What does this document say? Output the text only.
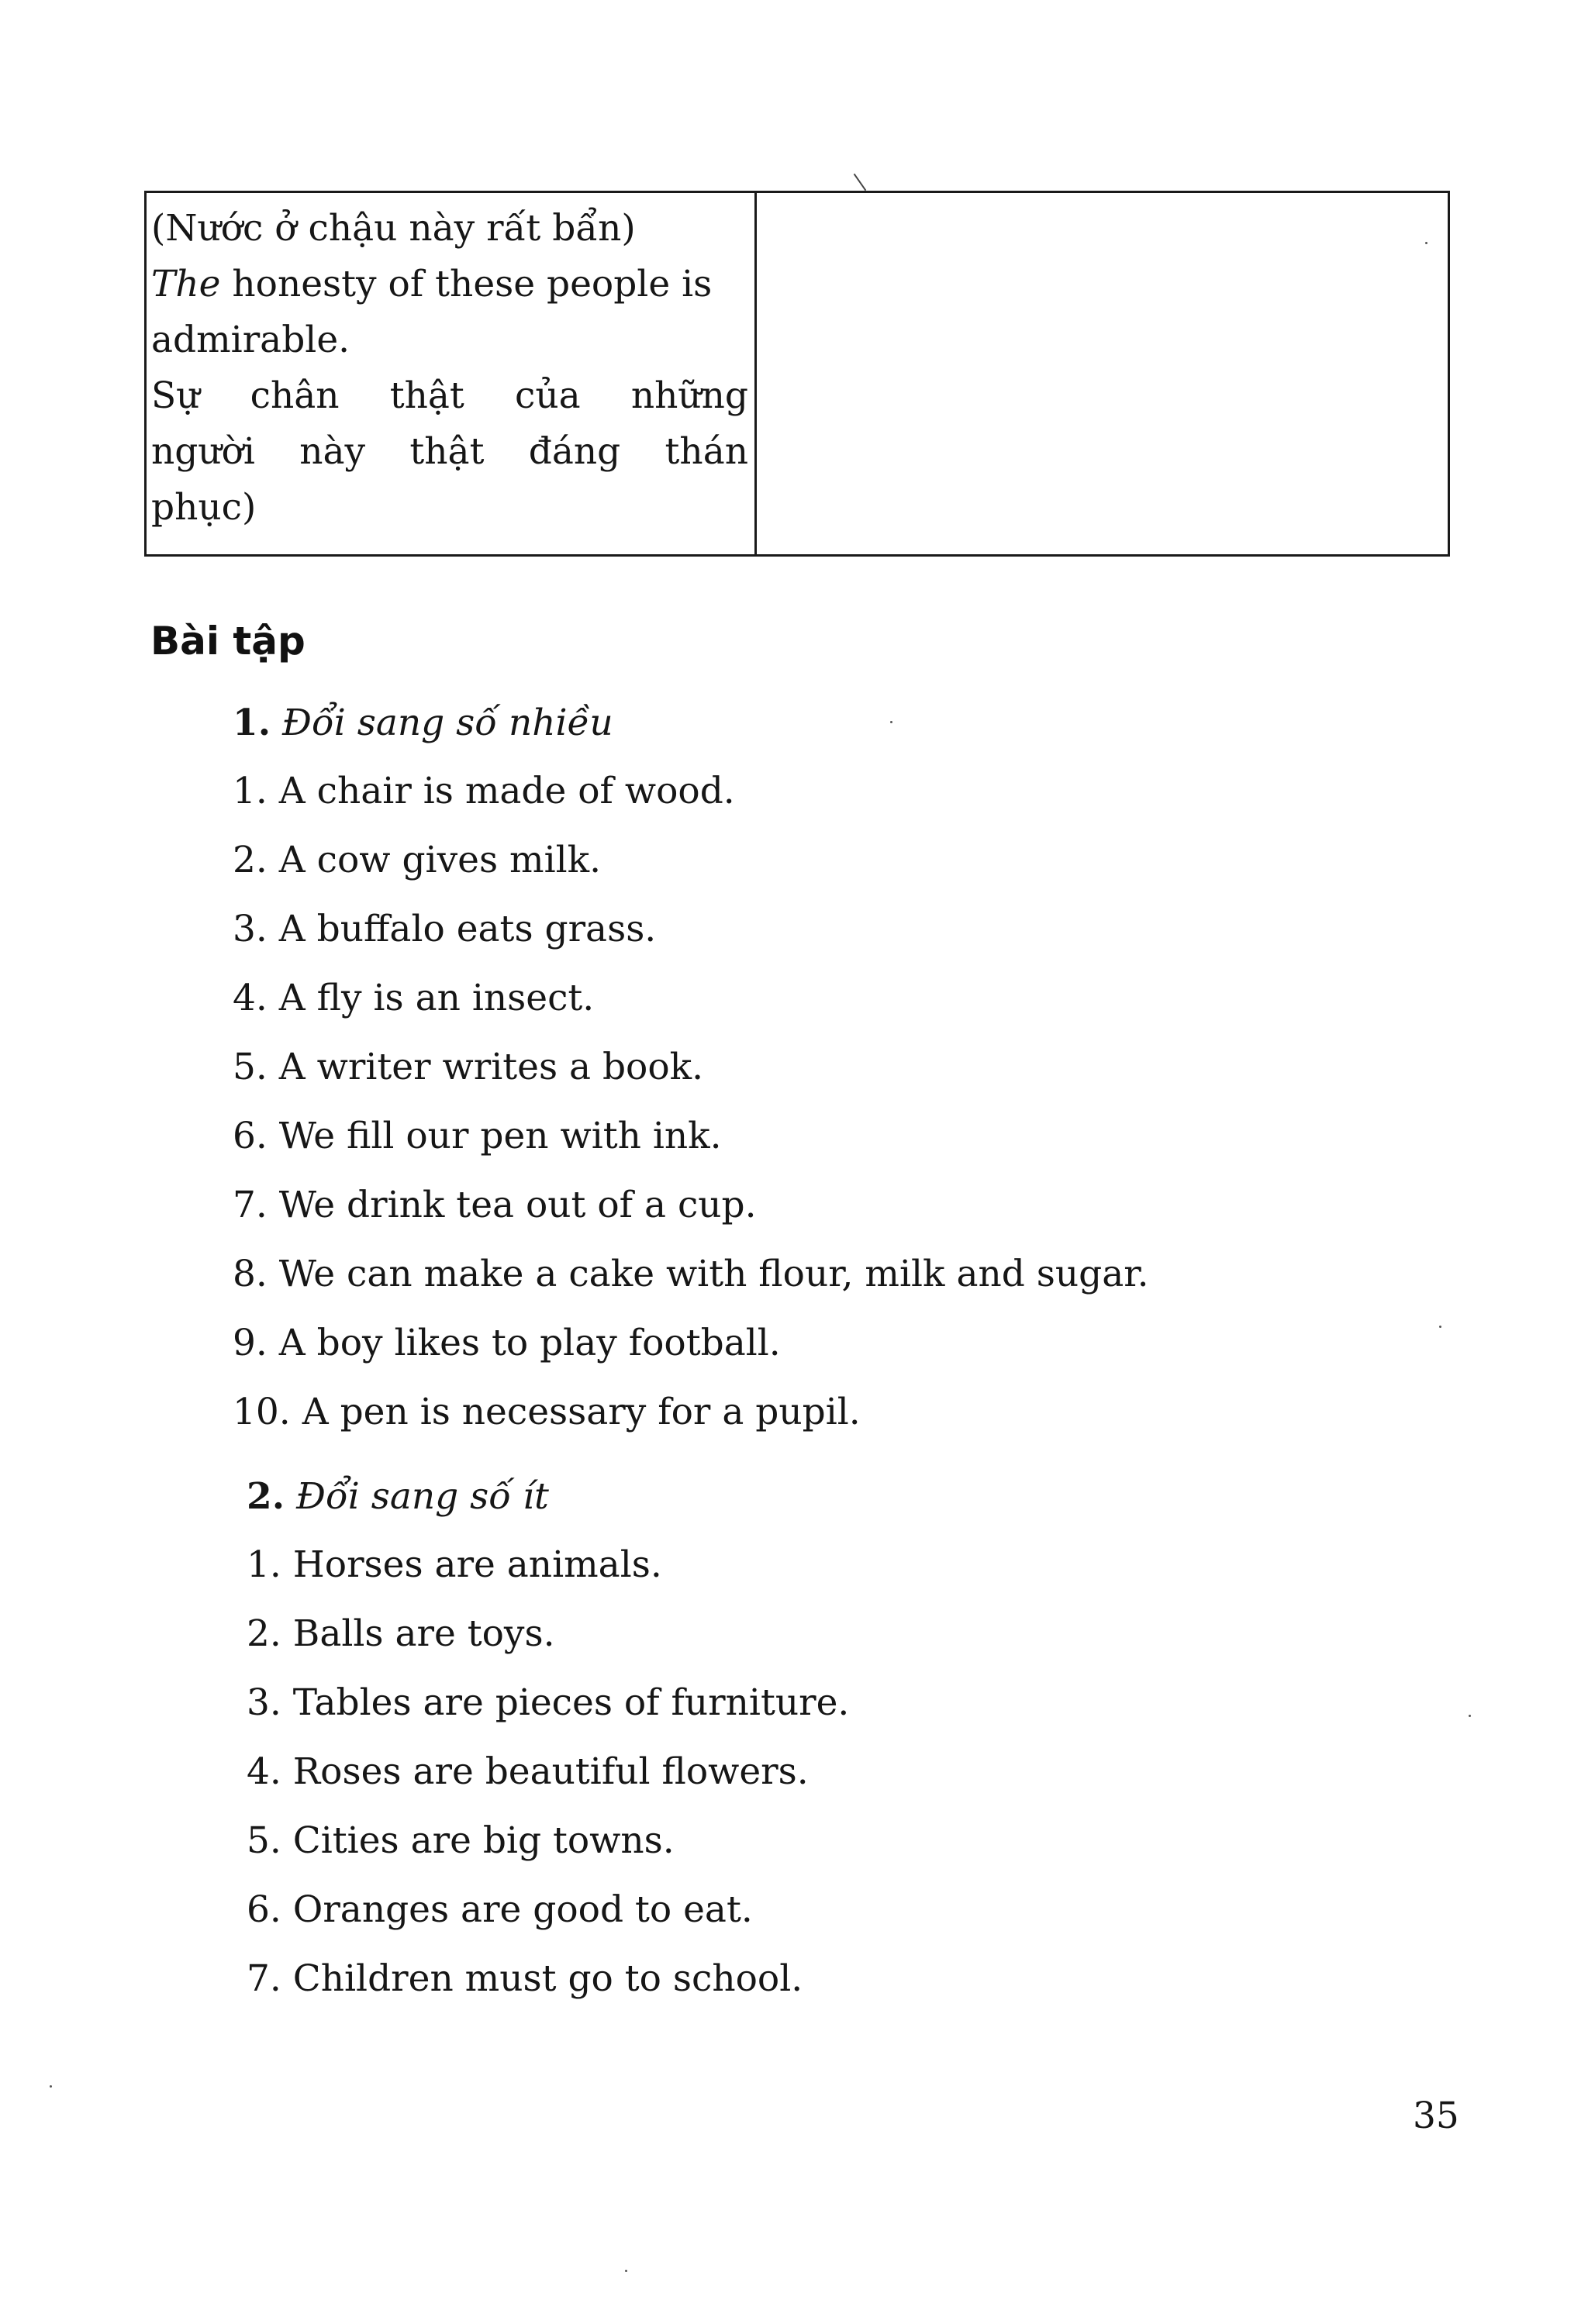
(Nước ở chậu này rất bẩn)
The honesty of these people is
admirable.
Sự chân thật của những
người này thật đáng thán
phục)
Bài tập
1. Đổi sang số nhiều
1. A chair is made of wood.
2. A cow gives milk.
3. A buffalo eats grass.
4. A fly is an insect.
5. A writer writes a book.
6. We fill our pen with ink.
7. We drink tea out of a cup.
8. We can make a cake with flour, milk and sugar.
9. A boy likes to play football.
10. A pen is necessary for a pupil.
2. Đổi sang số ít
1. Horses are animals.
2. Balls are toys.
3. Tables are pieces of furniture.
4. Roses are beautiful flowers.
5. Cities are big towns.
6. Oranges are good to eat.
7. Children must go to school.
35
